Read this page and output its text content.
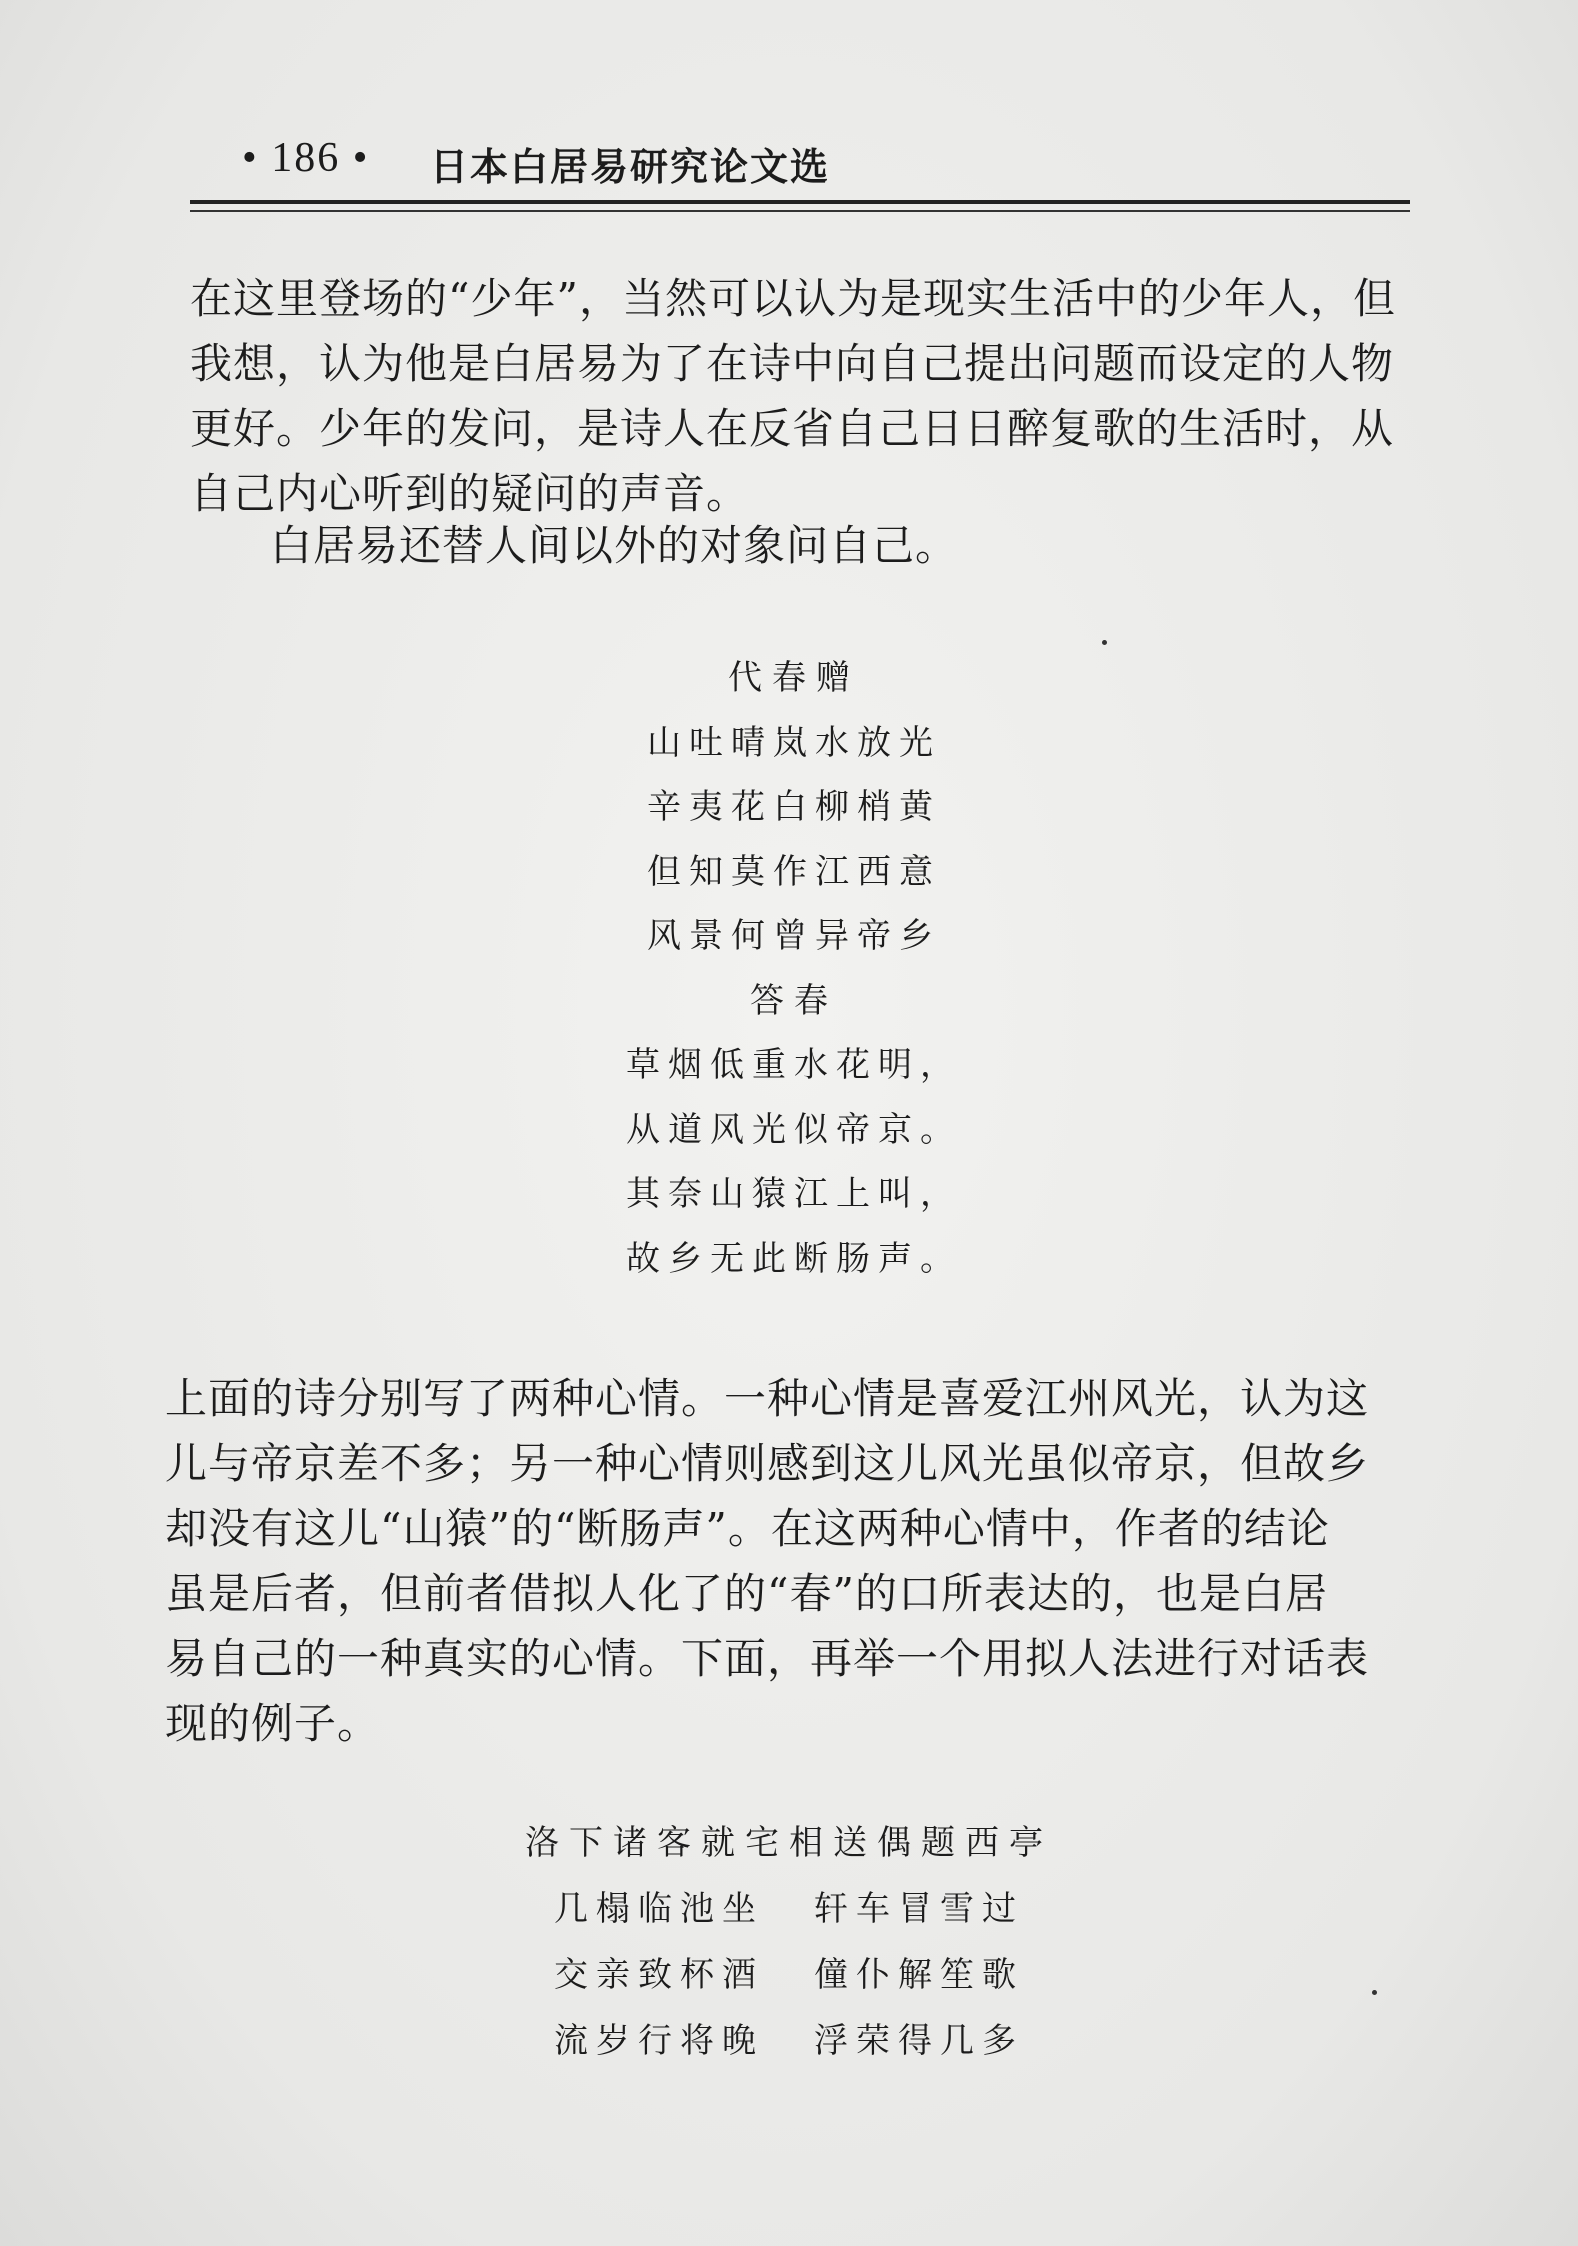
• 186 • 日本白居易研究论文选
在这里登场的“少年”，当然可以认为是现实生活中的少年人，但
我想，认为他是白居易为了在诗中向自己提出问题而设定的人物
更好。少年的发问，是诗人在反省自己日日醉复歌的生活时，从
自己内心听到的疑问的声音。
白居易还替人间以外的对象问自己。
代春赠
山吐晴岚水放光
辛夷花白柳梢黄
但知莫作江西意
风景何曾异帝乡
答春
草烟低重水花明，
从道风光似帝京。
其奈山猿江上叫，
故乡无此断肠声。
上面的诗分别写了两种心情。一种心情是喜爱江州风光，认为这
儿与帝京差不多；另一种心情则感到这儿风光虽似帝京，但故乡
却没有这儿“山猿”的“断肠声”。在这两种心情中，作者的结论
虽是后者，但前者借拟人化了的“春”的口所表达的，也是白居
易自己的一种真实的心情。下面，再举一个用拟人法进行对话表
现的例子。
洛下诸客就宅相送偶题西亭
几榻临池坐 轩车冒雪过
交亲致杯酒 僮仆解笙歌
流岁行将晚 浮荣得几多
